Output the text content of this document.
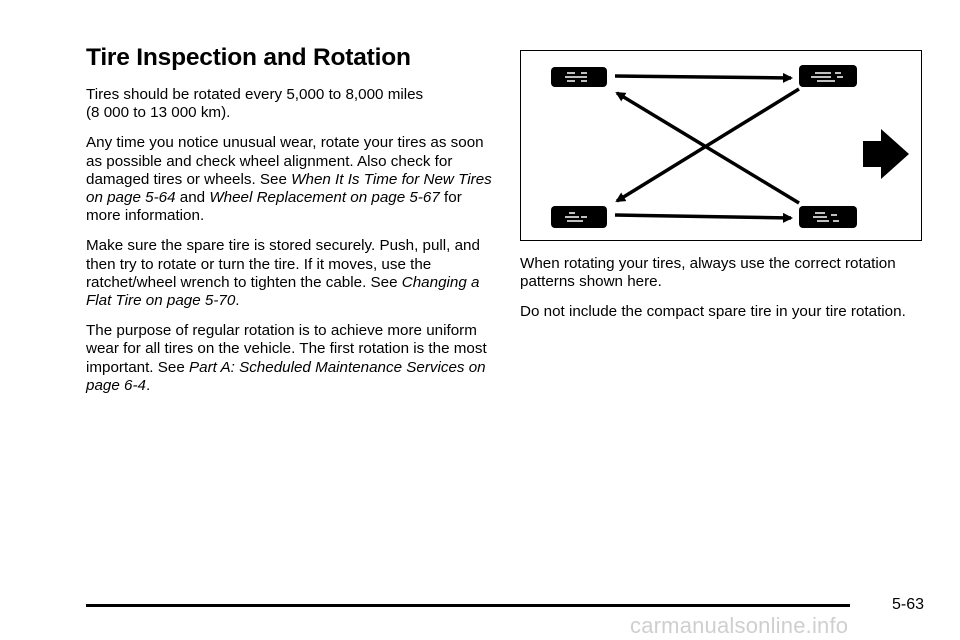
Tire Inspection and Rotation

Tires should be rotated every 5,000 to 8,000 miles
(8 000 to 13 000 km).

Any time you notice unusual wear, rotate your tires as soon as possible and check wheel alignment. Also check for damaged tires or wheels. See When It Is Time for New Tires on page 5-64 and Wheel Replacement on page 5-67 for more information.

Make sure the spare tire is stored securely. Push, pull, and then try to rotate or turn the tire. If it moves, use the ratchet/wheel wrench to tighten the cable. See Changing a Flat Tire on page 5-70.

The purpose of regular rotation is to achieve more uniform wear for all tires on the vehicle. The first rotation is the most important. See Part A: Scheduled Maintenance Services on page 6-4.

When rotating your tires, always use the correct rotation patterns shown here.

Do not include the compact spare tire in your tire rotation.

5-63
carmanualsonline.info
